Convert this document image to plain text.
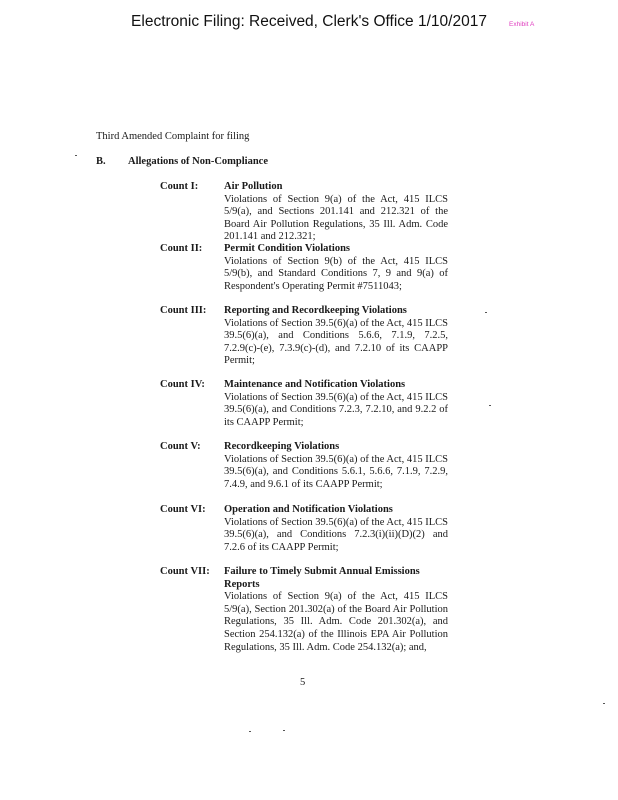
Electronic Filing: Received, Clerk's Office 1/10/2017	Exhibit A
Third Amended Complaint for filing
B. Allegations of Non-Compliance
Count I: Air Pollution
Violations of Section 9(a) of the Act, 415 ILCS 5/9(a), and Sections 201.141 and 212.321 of the Board Air Pollution Regulations, 35 Ill. Adm. Code 201.141 and 212.321;
Count II: Permit Condition Violations
Violations of Section 9(b) of the Act, 415 ILCS 5/9(b), and Standard Conditions 7, 9 and 9(a) of Respondent's Operating Permit #7511043;
Count III: Reporting and Recordkeeping Violations
Violations of Section 39.5(6)(a) of the Act, 415 ILCS 39.5(6)(a), and Conditions 5.6.6, 7.1.9, 7.2.5, 7.2.9(c)-(e), 7.3.9(c)-(d), and 7.2.10 of its CAAPP Permit;
Count IV: Maintenance and Notification Violations
Violations of Section 39.5(6)(a) of the Act, 415 ILCS 39.5(6)(a), and Conditions 7.2.3, 7.2.10, and 9.2.2 of its CAAPP Permit;
Count V: Recordkeeping Violations
Violations of Section 39.5(6)(a) of the Act, 415 ILCS 39.5(6)(a), and Conditions 5.6.1, 5.6.6, 7.1.9, 7.2.9, 7.4.9, and 9.6.1 of its CAAPP Permit;
Count VI: Operation and Notification Violations
Violations of Section 39.5(6)(a) of the Act, 415 ILCS 39.5(6)(a), and Conditions 7.2.3(i)(ii)(D)(2) and 7.2.6 of its CAAPP Permit;
Count VII: Failure to Timely Submit Annual Emissions Reports
Violations of Section 9(a) of the Act, 415 ILCS 5/9(a), Section 201.302(a) of the Board Air Pollution Regulations, 35 Ill. Adm. Code 201.302(a), and Section 254.132(a) of the Illinois EPA Air Pollution Regulations, 35 Ill. Adm. Code 254.132(a); and,
5
